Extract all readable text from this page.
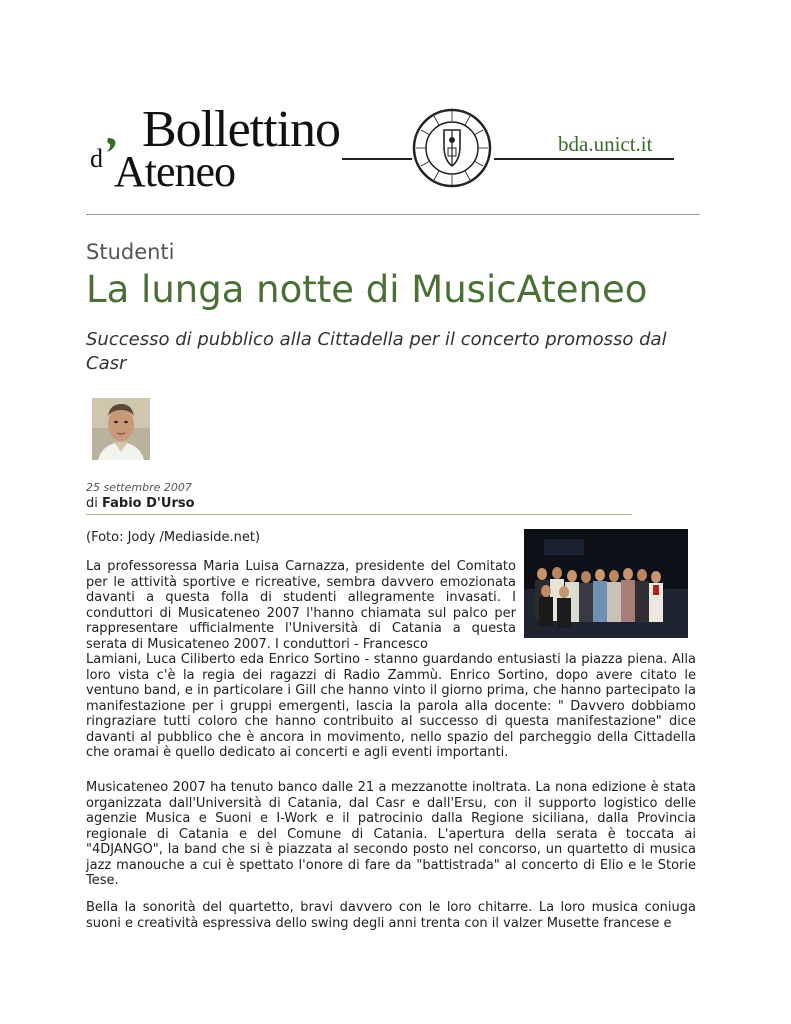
d
Bollettino
Ateneo
bda.unict.it
Studenti
La lunga notte di MusicAteneo
Successo di pubblico alla Cittadella per il concerto promosso dal Casr
25 settembre 2007
di Fabio D'Urso
(Foto: Jody /Mediaside.net)

La professoressa Maria Luisa Carnazza, presidente del Comitato per le attività sportive e ricreative, sembra davvero emozionata davanti a questa folla di studenti allegramente invasati. I conduttori di Musicateneo 2007 l'hanno chiamata sul palco per rappresentare ufficialmente l'Università di Catania a questa serata di Musicateneo 2007. I conduttori - Francesco

Lamiani, Luca Ciliberto eda Enrico Sortino - stanno guardando entusiasti la piazza piena. Alla loro vista c'è la regia dei ragazzi di Radio Zammù. Enrico Sortino, dopo avere citato le ventuno band, e in particolare i Gill che hanno vinto il giorno prima, che hanno partecipato la manifestazione per i gruppi emergenti, lascia la parola alla docente: " Davvero dobbiamo ringraziare tutti coloro che hanno contribuito al successo di questa manifestazione" dice davanti al pubblico che è ancora in movimento, nello spazio del parcheggio della Cittadella che oramai è quello dedicato ai concerti e agli eventi importanti.

Musicateneo 2007 ha tenuto banco dalle 21 a mezzanotte inoltrata. La nona edizione è stata organizzata dall'Università di Catania, dal Casr e dall'Ersu, con il supporto logistico delle agenzie Musica e Suoni e I-Work e il patrocinio dalla Regione siciliana, dalla Provincia regionale di Catania e del Comune di Catania. L'apertura della serata è toccata ai "4DJANGO", la band che si è piazzata al secondo posto nel concorso, un quartetto di musica jazz manouche a cui è spettato l'onore di fare da "battistrada" al concerto di Elio e le Storie Tese.

Bella la sonorità del quartetto, bravi davvero con le loro chitarre. La loro musica coniuga suoni e creatività espressiva dello swing degli anni trenta con il valzer Musette francese e
